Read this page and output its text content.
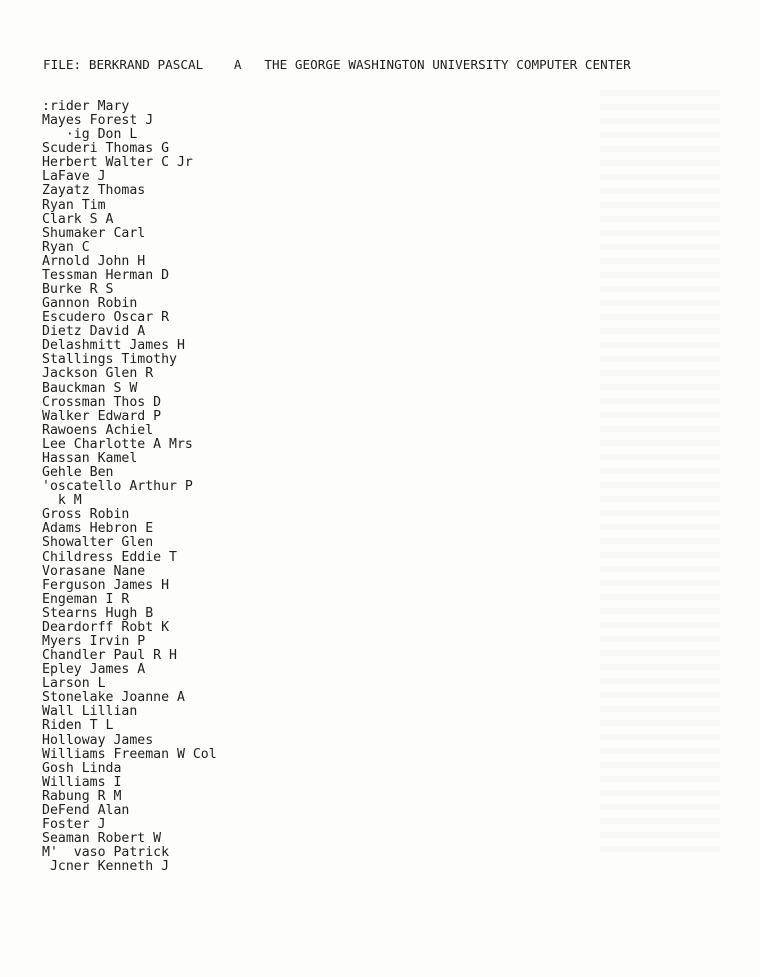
FILE: BERKRAND PASCAL A THE GEORGE WASHINGTON UNIVERSITY COMPUTER CENTER
:rider Mary
Mayes Forest J
·ig Don L
Scuderi Thomas G
Herbert Walter C Jr
LaFave J
Zayatz Thomas
Ryan Tim
Clark S A
Shumaker Carl
Ryan C
Arnold John H
Tessman Herman D
Burke R S
Gannon Robin
Escudero Oscar R
Dietz David A
Delashmitt James H
Stallings Timothy
Jackson Glen R
Bauckman S W
Crossman Thos D
Walker Edward P
Rawoens Achiel
Lee Charlotte A Mrs
Hassan Kamel
Gehle Ben
'oscatello Arthur P
k M
Gross Robin
Adams Hebron E
Showalter Glen
Childress Eddie T
Vorasane Nane
Ferguson James H
Engeman I R
Stearns Hugh B
Deardorff Robt K
Myers Irvin P
Chandler Paul R H
Epley James A
Larson L
Stonelake Joanne A
Wall Lillian
Riden T L
Holloway James
Williams Freeman W Col
Gosh Linda
Williams I
Rabung R M
DeFend Alan
Foster J
Seaman Robert W
M'  vaso Patrick
Jcner Kenneth J
